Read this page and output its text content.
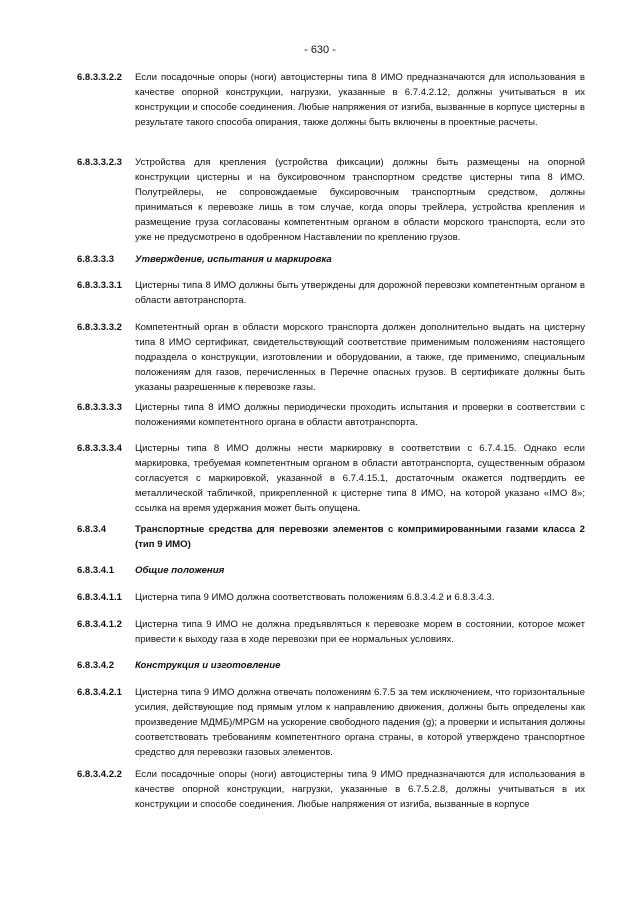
- 630 -
6.8.3.3.2.2	Если посадочные опоры (ноги) автоцистерны типа 8 ИМО предназначаются для использования в качестве опорной конструкции, нагрузки, указанные в 6.7.4.2.12, должны учитываться в их конструкции и способе соединения. Любые напряжения от изгиба, вызванные в корпусе цистерны в результате такого способа опирания, также должны быть включены в проектные расчеты.
6.8.3.3.2.3	Устройства для крепления (устройства фиксации) должны быть размещены на опорной конструкции цистерны и на буксировочном транспортном средстве цистерны типа 8 ИМО. Полутрейлеры, не сопровождаемые буксировочным транспортным средством, должны приниматься к перевозке лишь в том случае, когда опоры трейлера, устройства крепления и размещение груза согласованы компетентным органом в области морского транспорта, если это уже не предусмотрено в одобренном Наставлении по креплению грузов.
6.8.3.3.3	Утверждение, испытания и маркировка
6.8.3.3.3.1	Цистерны типа 8 ИМО должны быть утверждены для дорожной перевозки компетентным органом в области автотранспорта.
6.8.3.3.3.2	Компетентный орган в области морского транспорта должен дополнительно выдать на цистерну типа 8 ИМО сертификат, свидетельствующий соответствие применимым положениям настоящего подраздела о конструкции, изготовлении и оборудовании, а также, где применимо, специальным положениям для газов, перечисленных в Перечне опасных грузов. В сертификате должны быть указаны разрешенные к перевозке газы.
6.8.3.3.3.3	Цистерны типа 8 ИМО должны периодически проходить испытания и проверки в соответствии с положениями компетентного органа в области автотранспорта.
6.8.3.3.3.4	Цистерны типа 8 ИМО должны нести маркировку в соответствии с 6.7.4.15. Однако если маркировка, требуемая компетентным органом в области автотранспорта, существенным образом согласуется с маркировкой, указанной в 6.7.4.15.1, достаточным окажется подтвердить ее металлической табличкой, прикрепленной к цистерне типа 8 ИМО, на которой указано «IMO 8»; ссылка на время удержания может быть опущена.
6.8.3.4	Транспортные средства для перевозки элементов с компримированными газами класса 2 (тип 9 ИМО)
6.8.3.4.1	Общие положения
6.8.3.4.1.1	Цистерна типа 9 ИМО должна соответствовать положениям 6.8.3.4.2 и 6.8.3.4.3.
6.8.3.4.1.2	Цистерна типа 9 ИМО не должна предъявляться к перевозке морем в состоянии, которое может привести к выходу газа в ходе перевозки при ее нормальных условиях.
6.8.3.4.2	Конструкция и изготовление
6.8.3.4.2.1	Цистерна типа 9 ИМО должна отвечать положениям 6.7.5 за тем исключением, что горизонтальные усилия, действующие под прямым углом к направлению движения, должны быть определены как произведение МДМБ)/MPGM на ускорение свободного падения (g); а проверки и испытания должны соответствовать требованиям компетентного органа страны, в которой утверждено транспортное средство для перевозки газовых элементов.
6.8.3.4.2.2	Если посадочные опоры (ноги) автоцистерны типа 9 ИМО предназначаются для использования в качестве опорной конструкции, нагрузки, указанные в 6.7.5.2.8, должны учитываться в их конструкции и способе соединения. Любые напряжения от изгиба, вызванные в корпусе
